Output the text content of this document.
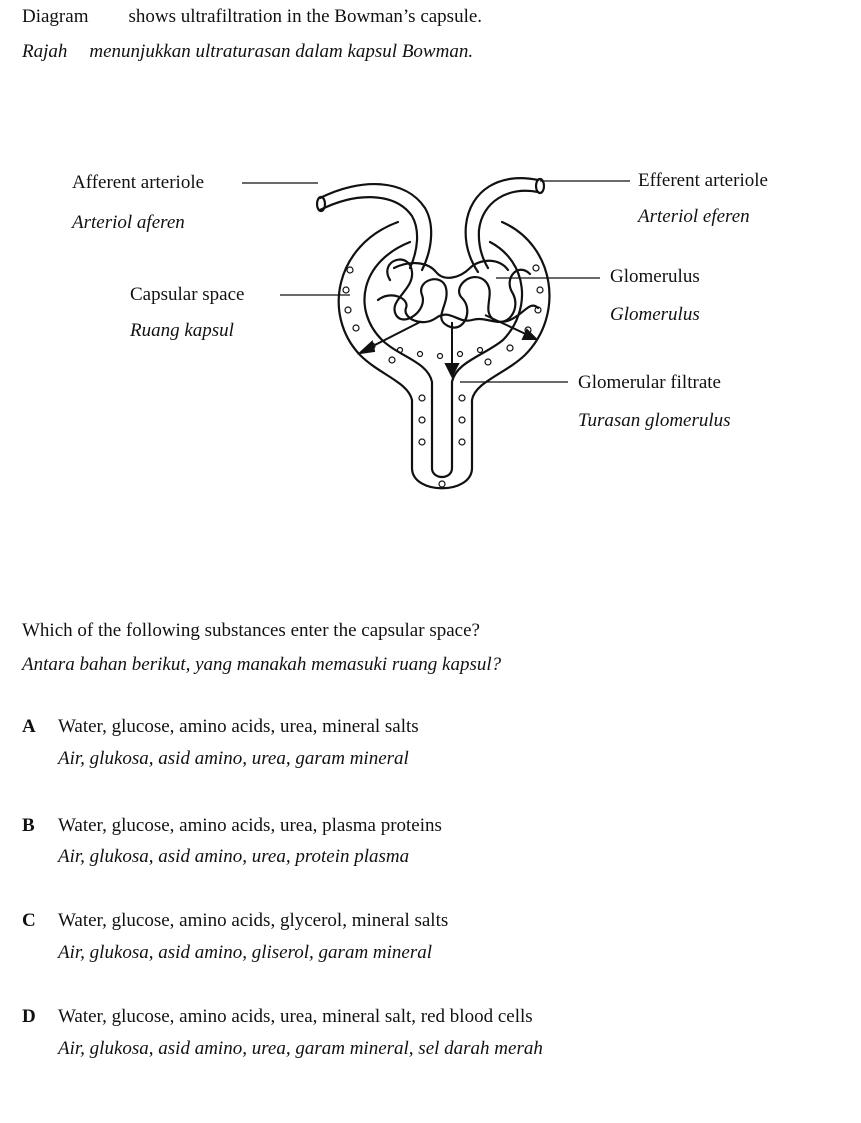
Diagram shows ultrafiltration in the Bowman’s capsule.
Rajah menunjukkan ultraturasan dalam kapsul Bowman.
Afferent arteriole
Arteriol aferen
Efferent arteriole
Arteriol eferen
Capsular space
Ruang kapsul
Glomerulus
Glomerulus
Glomerular filtrate
Turasan glomerulus
Which of the following substances enter the capsular space?
Antara bahan berikut, yang manakah memasuki ruang kapsul?
A Water, glucose, amino acids, urea, mineral salts
Air, glukosa, asid amino, urea, garam mineral
B Water, glucose, amino acids, urea, plasma proteins
Air, glukosa, asid amino, urea, protein plasma
C Water, glucose, amino acids, glycerol, mineral salts
Air, glukosa, asid amino, gliserol, garam mineral
D Water, glucose, amino acids, urea, mineral salt, red blood cells
Air, glukosa, asid amino, urea, garam mineral, sel darah merah
